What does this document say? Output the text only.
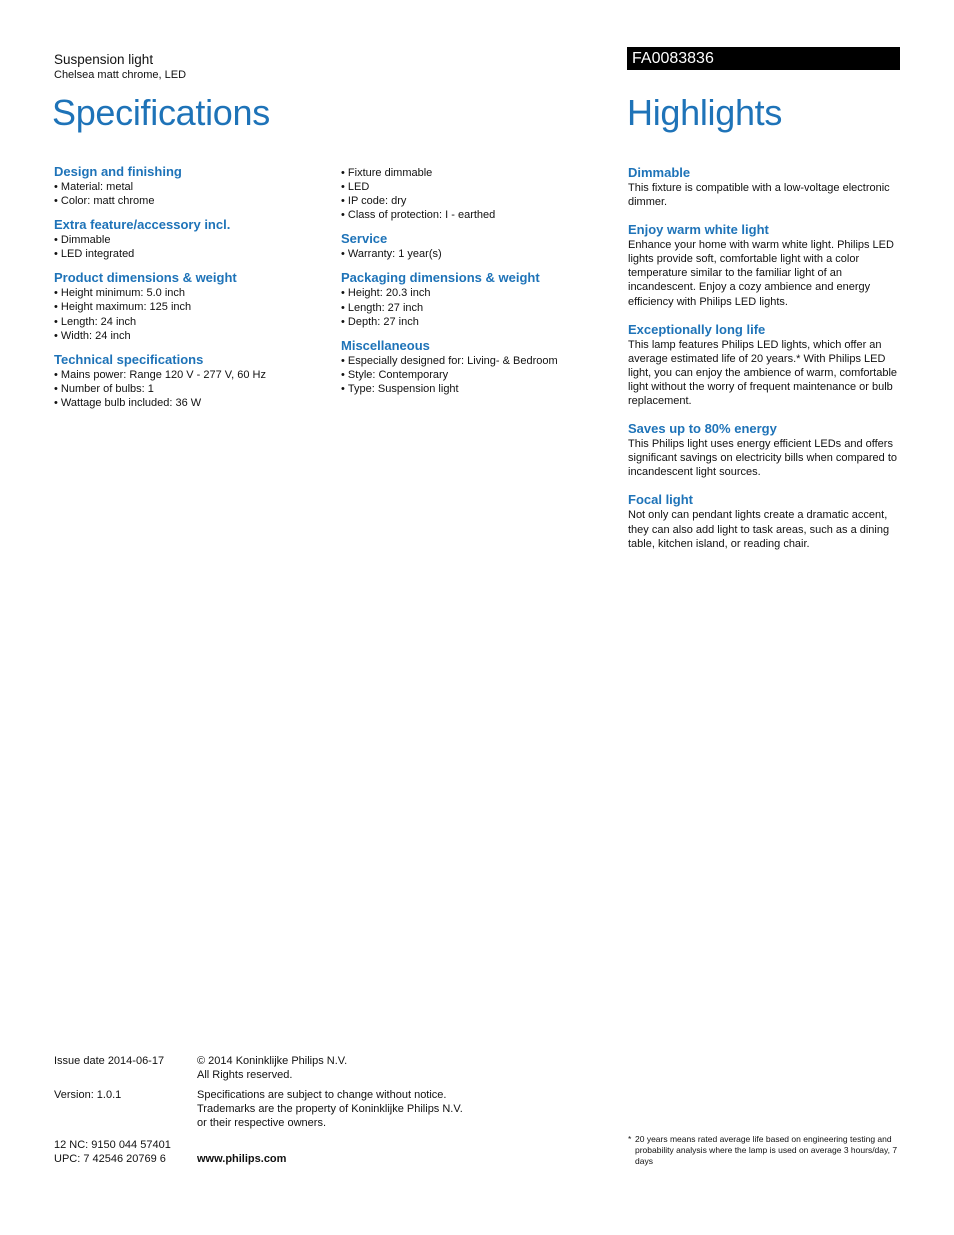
Suspension light
Chelsea matt chrome, LED
Specifications
FA0083836
Highlights

Design and finishing

• Material: metal
• Color: matt chrome

Extra feature/accessory incl.

• Dimmable
• LED integrated

Product dimensions & weight

• Height minimum: 5.0 inch
• Height maximum: 125 inch
• Length: 24 inch
• Width: 24 inch

Technical specifications

• Mains power: Range 120 V - 277 V, 60 Hz
• Number of bulbs: 1
• Wattage bulb included: 36 W
• Fixture dimmable
• LED
• IP code: dry
• Class of protection: I - earthed

Service

• Warranty: 1 year(s)

Packaging dimensions & weight

• Height: 20.3 inch
• Length: 27 inch
• Depth: 27 inch

Miscellaneous

• Especially designed for: Living- & Bedroom
• Style: Contemporary
• Type: Suspension light

Dimmable

This fixture is compatible with a low-voltage electronic dimmer.

Enjoy warm white light

Enhance your home with warm white light. Philips LED lights provide soft, comfortable light with a color temperature similar to the familiar light of an incandescent. Enjoy a cozy ambience and energy efficiency with Philips LED lights.

Exceptionally long life

This lamp features Philips LED lights, which offer an average estimated life of 20 years.* With Philips LED light, you can enjoy the ambience of warm, comfortable light without the worry of frequent maintenance or bulb replacement.

Saves up to 80% energy

This Philips light uses energy efficient LEDs and offers significant savings on electricity bills when compared to incandescent light sources.

Focal light

Not only can pendant lights create a dramatic accent, they can also add light to task areas, such as a dining table, kitchen island, or reading chair.

Issue date 2014-06-17
Version: 1.0.1
12 NC: 9150 044 57401
UPC: 7 42546 20769 6
© 2014 Koninklijke Philips N.V.
All Rights reserved.
Specifications are subject to change without notice.
Trademarks are the property of Koninklijke Philips N.V.
or their respective owners.
www.philips.com
* 20 years means rated average life based on engineering testing and probability analysis where the lamp is used on average 3 hours/day, 7 days
